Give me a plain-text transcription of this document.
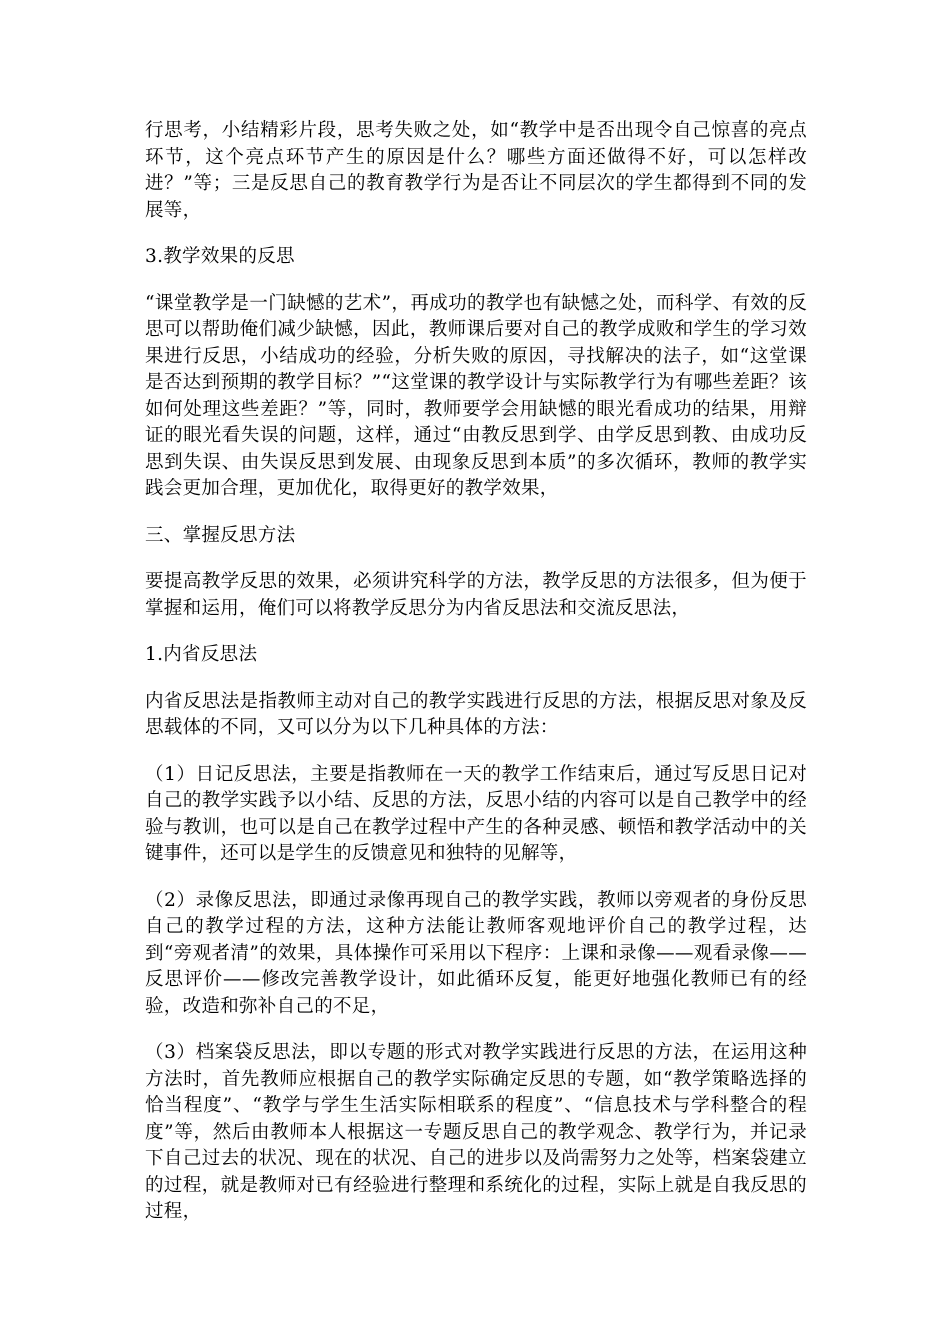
行思考，小结精彩片段，思考失败之处，如“教学中是否出现令自己惊喜的亮点环节，这个亮点环节产生的原因是什么？哪些方面还做得不好，可以怎样改进？”等；三是反思自己的教育教学行为是否让不同层次的学生都得到不同的发展等，

3.教学效果的反思

“课堂教学是一门缺憾的艺术”，再成功的教学也有缺憾之处，而科学、有效的反思可以帮助俺们减少缺憾，因此，教师课后要对自己的教学成败和学生的学习效果进行反思，小结成功的经验，分析失败的原因，寻找解决的法子，如“这堂课是否达到预期的教学目标？”“这堂课的教学设计与实际教学行为有哪些差距？该如何处理这些差距？”等，同时，教师要学会用缺憾的眼光看成功的结果，用辩证的眼光看失误的问题，这样，通过“由教反思到学、由学反思到教、由成功反思到失误、由失误反思到发展、由现象反思到本质”的多次循环，教师的教学实践会更加合理，更加优化，取得更好的教学效果，

三、掌握反思方法

要提高教学反思的效果，必须讲究科学的方法，教学反思的方法很多，但为便于掌握和运用，俺们可以将教学反思分为内省反思法和交流反思法，

1.内省反思法

内省反思法是指教师主动对自己的教学实践进行反思的方法，根据反思对象及反思载体的不同，又可以分为以下几种具体的方法：

（1）日记反思法，主要是指教师在一天的教学工作结束后，通过写反思日记对自己的教学实践予以小结、反思的方法，反思小结的内容可以是自己教学中的经验与教训，也可以是自己在教学过程中产生的各种灵感、顿悟和教学活动中的关键事件，还可以是学生的反馈意见和独特的见解等，

（2）录像反思法，即通过录像再现自己的教学实践，教师以旁观者的身份反思自己的教学过程的方法，这种方法能让教师客观地评价自己的教学过程，达到“旁观者清”的效果，具体操作可采用以下程序：上课和录像——观看录像——反思评价——修改完善教学设计，如此循环反复，能更好地强化教师已有的经验，改造和弥补自己的不足，

（3）档案袋反思法，即以专题的形式对教学实践进行反思的方法，在运用这种方法时，首先教师应根据自己的教学实际确定反思的专题，如“教学策略选择的恰当程度”、“教学与学生生活实际相联系的程度”、“信息技术与学科整合的程度”等，然后由教师本人根据这一专题反思自己的教学观念、教学行为，并记录下自己过去的状况、现在的状况、自己的进步以及尚需努力之处等，档案袋建立的过程，就是教师对已有经验进行整理和系统化的过程，实际上就是自我反思的过程，
